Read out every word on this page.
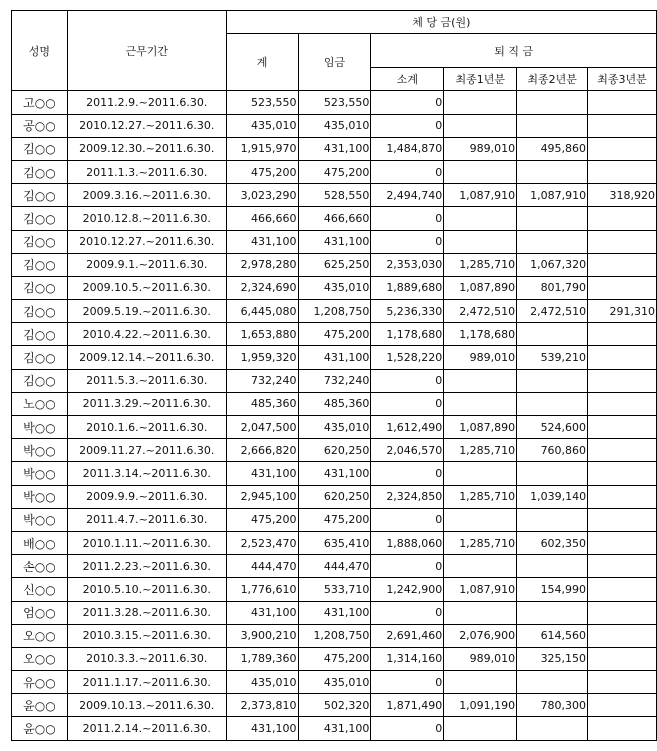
성명	근무기간	체 당 금(원)					
		계	임금	퇴 직 금			
				소계	최종1년분	최종2년분	최종3년분
고○○	2011.2.9.~2011.6.30.	523,550	523,550	0			
공○○	2010.12.27.~2011.6.30.	435,010	435,010	0			
김○○	2009.12.30.~2011.6.30.	1,915,970	431,100	1,484,870	989,010	495,860	
김○○	2011.1.3.~2011.6.30.	475,200	475,200	0			
김○○	2009.3.16.~2011.6.30.	3,023,290	528,550	2,494,740	1,087,910	1,087,910	318,920
김○○	2010.12.8.~2011.6.30.	466,660	466,660	0			
김○○	2010.12.27.~2011.6.30.	431,100	431,100	0			
김○○	2009.9.1.~2011.6.30.	2,978,280	625,250	2,353,030	1,285,710	1,067,320	
김○○	2009.10.5.~2011.6.30.	2,324,690	435,010	1,889,680	1,087,890	801,790	
김○○	2009.5.19.~2011.6.30.	6,445,080	1,208,750	5,236,330	2,472,510	2,472,510	291,310
김○○	2010.4.22.~2011.6.30.	1,653,880	475,200	1,178,680	1,178,680		
김○○	2009.12.14.~2011.6.30.	1,959,320	431,100	1,528,220	989,010	539,210	
김○○	2011.5.3.~2011.6.30.	732,240	732,240	0			
노○○	2011.3.29.~2011.6.30.	485,360	485,360	0			
박○○	2010.1.6.~2011.6.30.	2,047,500	435,010	1,612,490	1,087,890	524,600	
박○○	2009.11.27.~2011.6.30.	2,666,820	620,250	2,046,570	1,285,710	760,860	
박○○	2011.3.14.~2011.6.30.	431,100	431,100	0			
박○○	2009.9.9.~2011.6.30.	2,945,100	620,250	2,324,850	1,285,710	1,039,140	
박○○	2011.4.7.~2011.6.30.	475,200	475,200	0			
배○○	2010.1.11.~2011.6.30.	2,523,470	635,410	1,888,060	1,285,710	602,350	
손○○	2011.2.23.~2011.6.30.	444,470	444,470	0			
신○○	2010.5.10.~2011.6.30.	1,776,610	533,710	1,242,900	1,087,910	154,990	
엄○○	2011.3.28.~2011.6.30.	431,100	431,100	0			
오○○	2010.3.15.~2011.6.30.	3,900,210	1,208,750	2,691,460	2,076,900	614,560	
오○○	2010.3.3.~2011.6.30.	1,789,360	475,200	1,314,160	989,010	325,150	
유○○	2011.1.17.~2011.6.30.	435,010	435,010	0			
윤○○	2009.10.13.~2011.6.30.	2,373,810	502,320	1,871,490	1,091,190	780,300	
윤○○	2011.2.14.~2011.6.30.	431,100	431,100	0			
